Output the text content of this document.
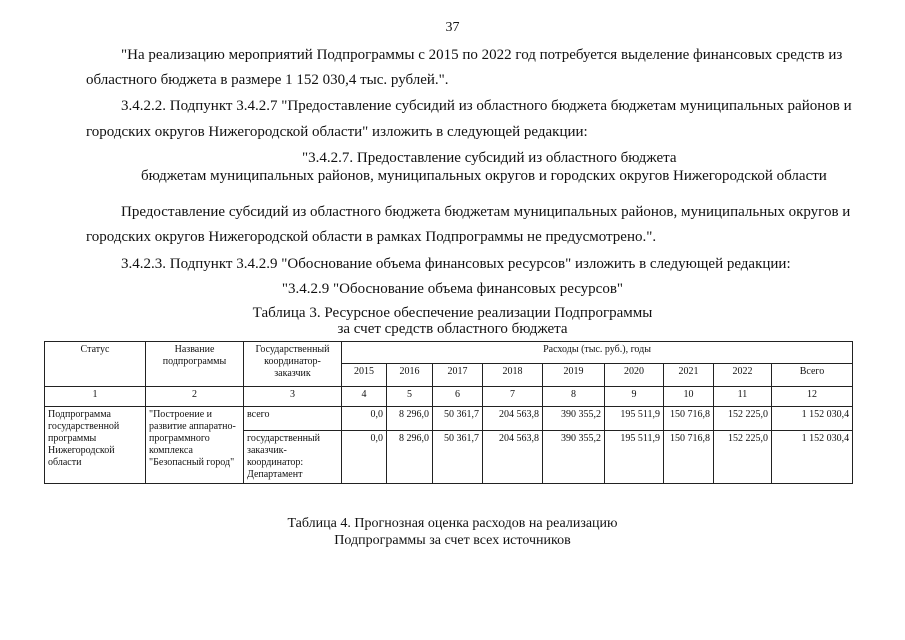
37
"На реализацию мероприятий Подпрограммы с 2015 по 2022 год потребуется выделение финансовых средств из
областного бюджета в размере 1 152 030,4 тыс. рублей.".
3.4.2.2. Подпункт 3.4.2.7 "Предоставление субсидий из областного бюджета бюджетам муниципальных районов и
городских округов Нижегородской области" изложить в следующей редакции:
"3.4.2.7. Предоставление субсидий из областного бюджета
бюджетам муниципальных районов, муниципальных округов и городских округов Нижегородской области
Предоставление субсидий из областного бюджета бюджетам муниципальных районов, муниципальных округов и
городских округов Нижегородской области в рамках Подпрограммы не предусмотрено.".
3.4.2.3. Подпункт 3.4.2.9 "Обоснование объема финансовых ресурсов" изложить в следующей редакции:
"3.4.2.9 "Обоснование объема финансовых ресурсов"
Таблица 3. Ресурсное обеспечение реализации Подпрограммы
за счет средств областного бюджета
Статус	Название подпрограммы	Государственный координатор-заказчик	Расходы (тыс. руб.), годы								
			2015	2016	2017	2018	2019	2020	2021	2022	Всего
1	2	3	4	5	6	7	8	9	10	11	12
Подпрограмма государственной программы Нижегородской области	"Построение и развитие аппаратно-программного комплекса "Безопасный город"	всего	0,0	8 296,0	50 361,7	204 563,8	390 355,2	195 511,9	150 716,8	152 225,0	1 152 030,4
		государственный заказчик-координатор: Департамент	0,0	8 296,0	50 361,7	204 563,8	390 355,2	195 511,9	150 716,8	152 225,0	1 152 030,4
Таблица 4. Прогнозная оценка расходов на реализацию
Подпрограммы за счет всех источников
